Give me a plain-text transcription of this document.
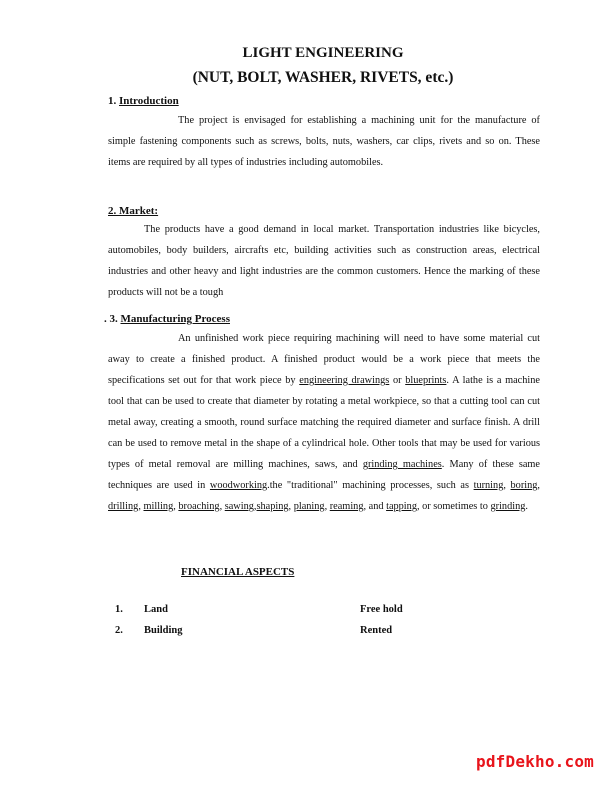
LIGHT ENGINEERING
(NUT, BOLT, WASHER, RIVETS, etc.)
1. Introduction

The project is envisaged for establishing a machining unit for the manufacture of simple fastening components such as screws, bolts, nuts, washers, car clips, rivets and so on. These items are required by all types of industries including automobiles.

2. Market:

The products have a good demand in local market. Transportation industries like bicycles, automobiles, body builders, aircrafts etc, building activities such as construction areas, electrical industries and other heavy and light industries are the common customers. Hence the marking of these products will not be a tough

. 3. Manufacturing Process

An unfinished work piece requiring machining will need to have some material cut away to create a finished product. A finished product would be a work piece that meets the specifications set out for that work piece by engineering drawings or blueprints. A lathe is a machine tool that can be used to create that diameter by rotating a metal workpiece, so that a cutting tool can cut metal away, creating a smooth, round surface matching the required diameter and surface finish. A drill can be used to remove metal in the shape of a cylindrical hole. Other tools that may be used for various types of metal removal are milling machines, saws, and grinding machines. Many of these same techniques are used in woodworking.the "traditional" machining processes, such as turning, boring, drilling, milling, broaching, sawing,shaping, planing, reaming, and tapping, or sometimes to grinding.

FINANCIAL ASPECTS
1. Land	Free hold
2. Building	Rented
pdfDekho.com
